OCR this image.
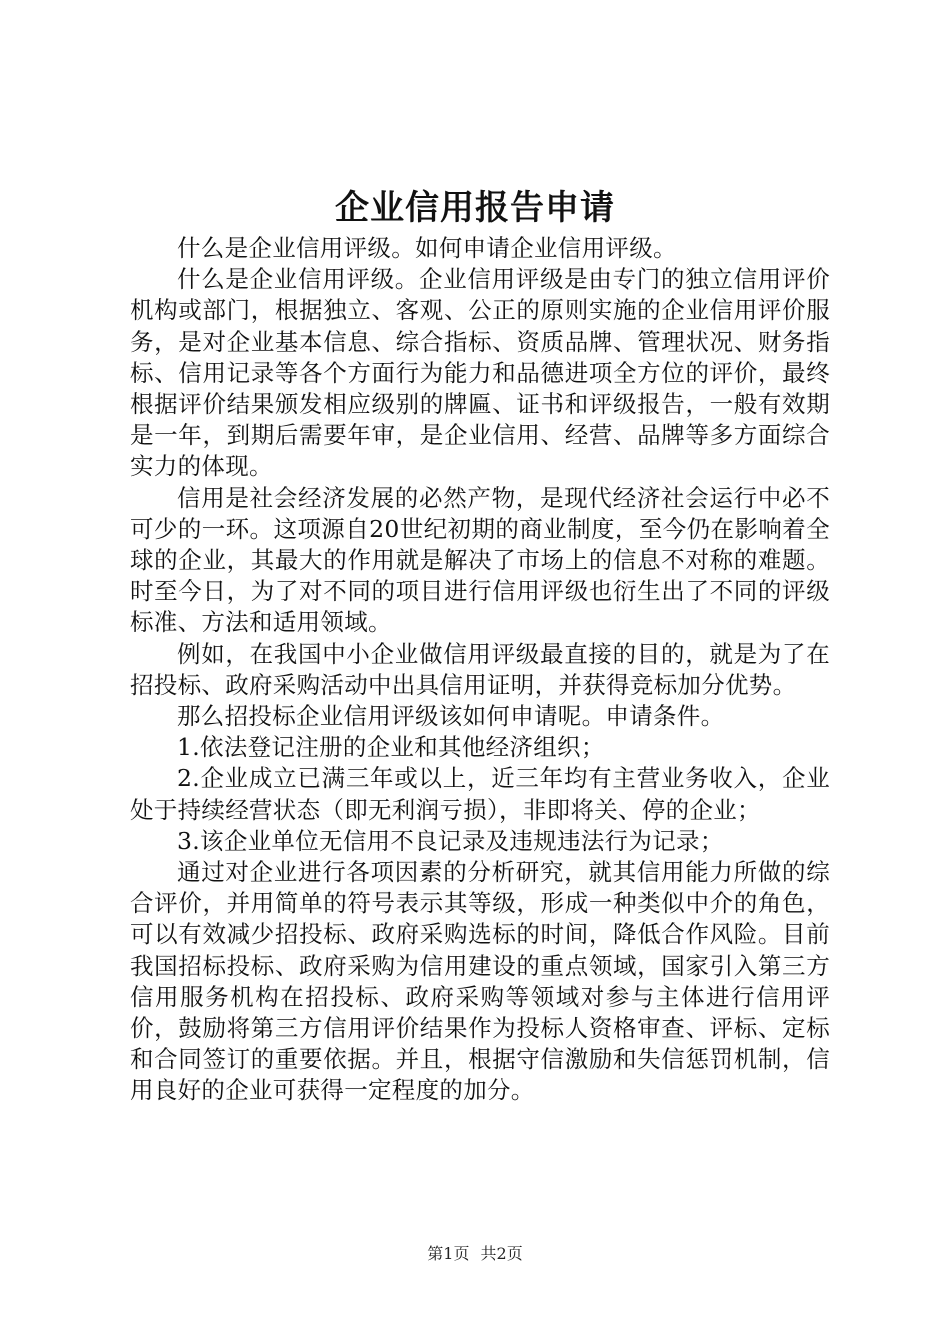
企业信用报告申请

什么是企业信用评级。如何申请企业信用评级。

什么是企业信用评级。企业信用评级是由专门的独立信用评价机构或部门，根据独立、客观、公正的原则实施的企业信用评价服务，是对企业基本信息、综合指标、资质品牌、管理状况、财务指标、信用记录等各个方面行为能力和品德进项全方位的评价，最终根据评价结果颁发相应级别的牌匾、证书和评级报告，一般有效期是一年，到期后需要年审，是企业信用、经营、品牌等多方面综合实力的体现。

信用是社会经济发展的必然产物，是现代经济社会运行中必不可少的一环。这项源自20世纪初期的商业制度，至今仍在影响着全球的企业，其最大的作用就是解决了市场上的信息不对称的难题。时至今日，为了对不同的项目进行信用评级也衍生出了不同的评级标准、方法和适用领域。

例如，在我国中小企业做信用评级最直接的目的，就是为了在招投标、政府采购活动中出具信用证明，并获得竞标加分优势。

那么招投标企业信用评级该如何申请呢。申请条件。

1.依法登记注册的企业和其他经济组织；

2.企业成立已满三年或以上，近三年均有主营业务收入，企业处于持续经营状态（即无利润亏损），非即将关、停的企业；

3.该企业单位无信用不良记录及违规违法行为记录；

通过对企业进行各项因素的分析研究，就其信用能力所做的综合评价，并用简单的符号表示其等级，形成一种类似中介的角色，可以有效减少招投标、政府采购选标的时间，降低合作风险。目前我国招标投标、政府采购为信用建设的重点领域，国家引入第三方信用服务机构在招投标、政府采购等领域对参与主体进行信用评价，鼓励将第三方信用评价结果作为投标人资格审查、评标、定标和合同签订的重要依据。并且，根据守信激励和失信惩罚机制，信用良好的企业可获得一定程度的加分。

第1页 共2页
